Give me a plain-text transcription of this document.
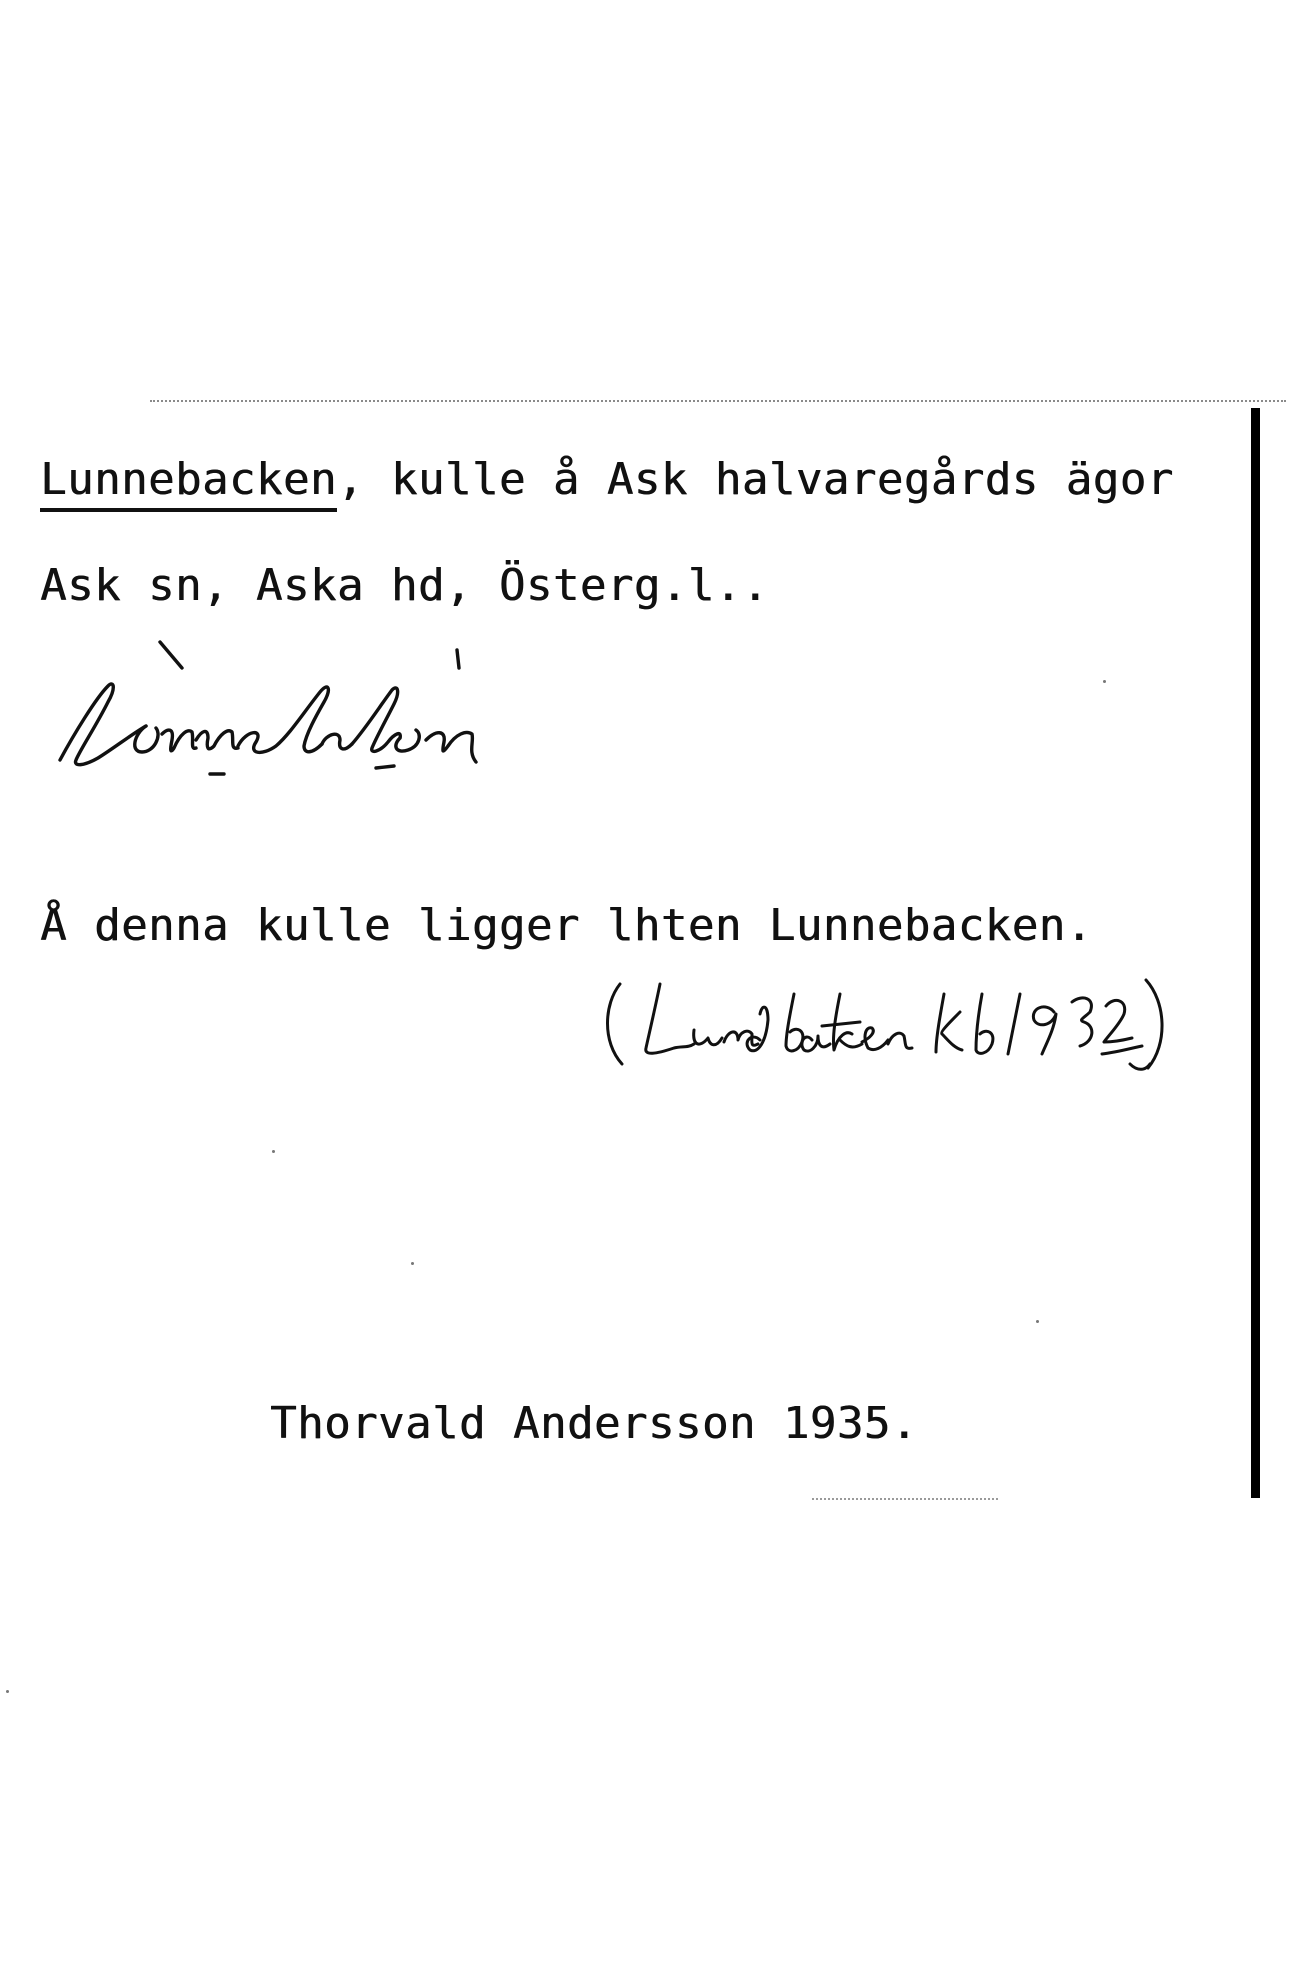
Lunnebacken, kulle å Ask halvaregårds ägor
Ask sn, Aska hd, Österg.l..
Å denna kulle ligger lhten Lunnebacken.
Thorvald Andersson 1935.
